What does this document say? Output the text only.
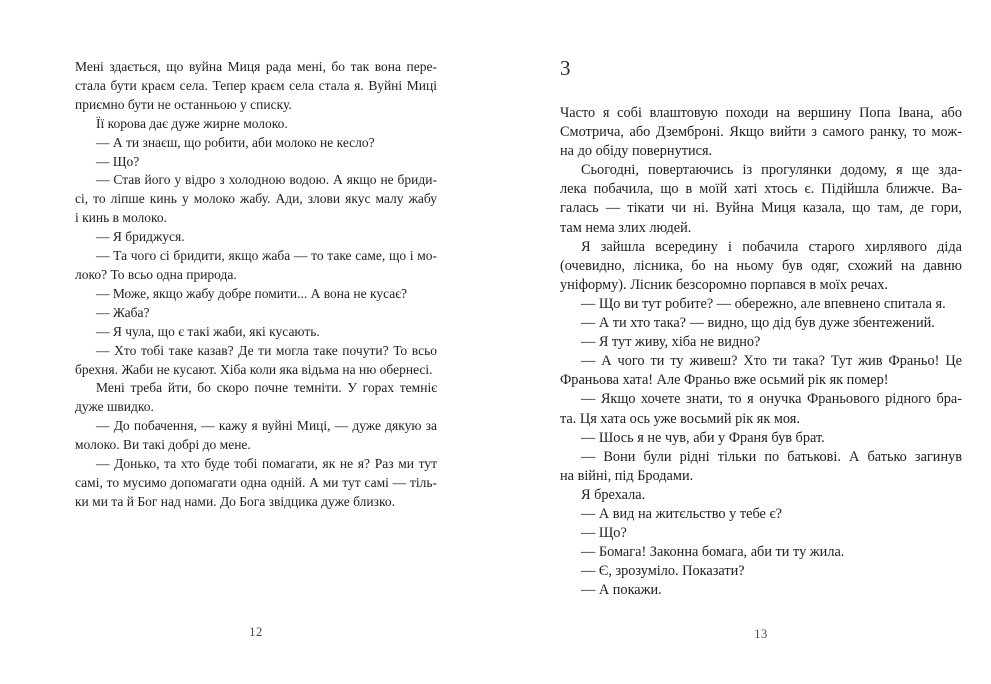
Мені здається, що вуйна Миця рада мені, бо так вона пере-
стала бути краєм села. Тепер краєм села стала я. Вуйні Миці
приємно бути не останньою у списку.
Її корова дає дуже жирне молоко.
— А ти знаєш, що робити, аби молоко не кесло?
— Що?
— Став його у відро з холодною водою. А якщо не бриди-
сі, то ліпше кинь у молоко жабу. Ади, злови якус малу жабу
і кинь в молоко.
— Я бриджуся.
— Та чого сі бридити, якщо жаба — то таке саме, що і мо-
локо? То всьо одна природа.
— Може, якщо жабу добре помити... А вона не кусає?
— Жаба?
— Я чула, що є такі жаби, які кусають.
— Хто тобі таке казав? Де ти могла таке почути? То всьо
брехня. Жаби не кусают. Хіба коли яка відьма на ню обернесі.
Мені треба йти, бо скоро почне темніти. У горах темніє
дуже швидко.
— До побачення, — кажу я вуйні Миці, — дуже дякую за
молоко. Ви такі добрі до мене.
— Донько, та хто буде тобі помагати, як не я? Раз ми тут
самі, то мусимо допомагати одна одній. А ми тут самі — тіль-
ки ми та й Бог над нами. До Бога звідцика дуже близко.
12
3
Часто я собі влаштовую походи на вершину Попа Івана, або
Смотрича, або Дземброні. Якщо вийти з самого ранку, то мож-
на до обіду повернутися.
Сьогодні, повертаючись із прогулянки додому, я ще зда-
лека побачила, що в моїй хаті хтось є. Підійшла ближче. Ва-
галась — тікати чи ні. Вуйна Миця казала, що там, де гори,
там нема злих людей.
Я зайшла всередину і побачила старого хирлявого діда
(очевидно, лісника, бо на ньому був одяг, схожий на давню
уніформу). Лісник безсоромно порпався в моїх речах.
— Що ви тут робите? — обережно, але впевнено спитала я.
— А ти хто така? — видно, що дід був дуже збентежений.
— Я тут живу, хіба не видно?
— А чого ти ту живеш? Хто ти така? Тут жив Франьо! Це
Франьова хата! Але Франьо вже осьмий рік як помер!
— Якщо хочете знати, то я онучка Франьового рідного бра-
та. Ця хата ось уже восьмий рік як моя.
— Шось я не чув, аби у Франя був брат.
— Вони були рідні тільки по батькові. А батько загинув
на війні, під Бродами.
Я брехала.
— А вид на житєльство у тебе є?
— Що?
— Бомага! Законна бомага, аби ти ту жила.
— Є, зрозуміло. Показати?
— А покажи.
13
